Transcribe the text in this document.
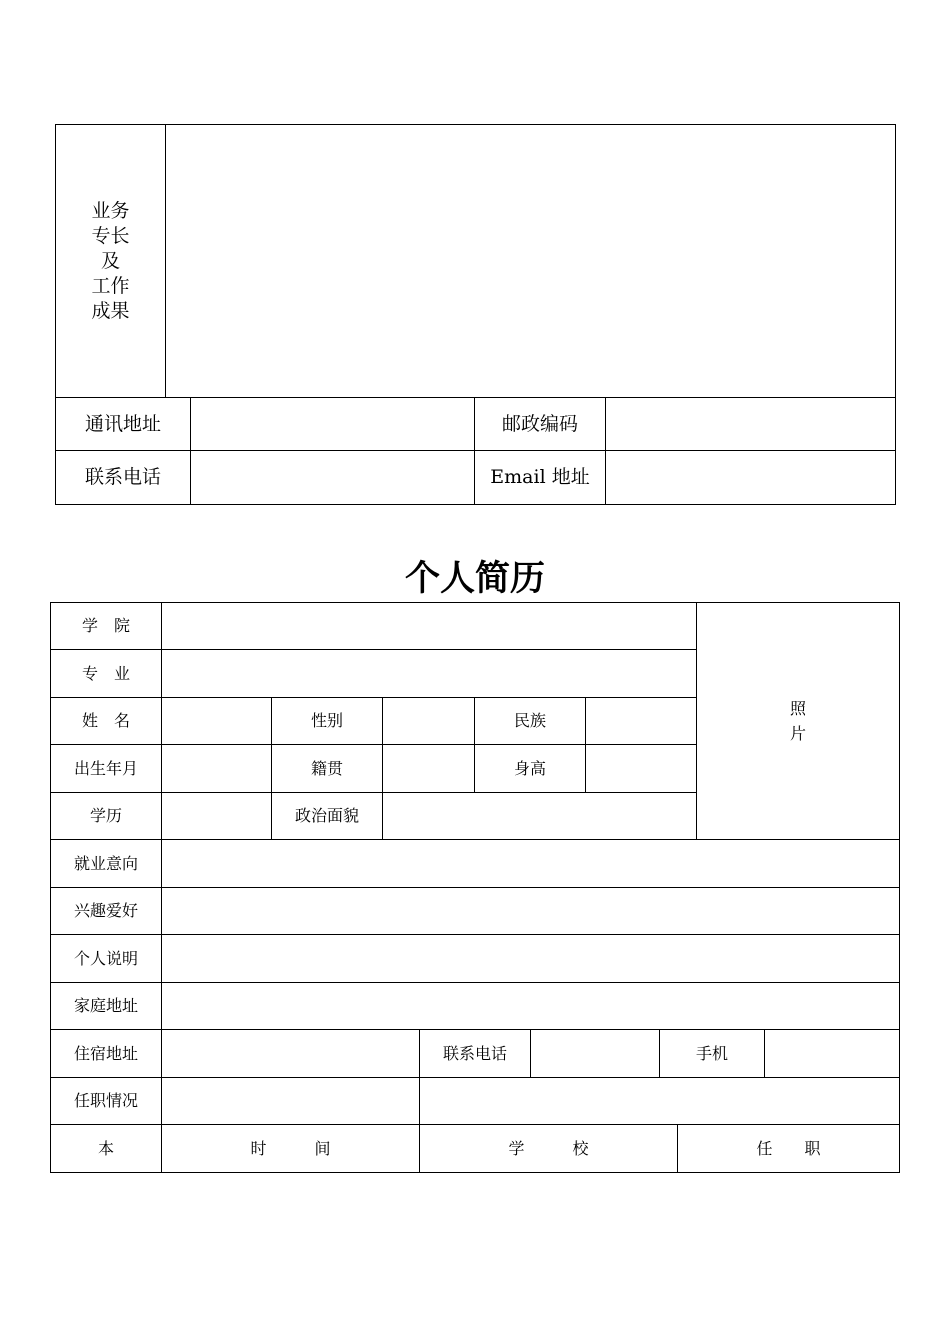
业务
专长
及
工作
成果
通讯地址	邮政编码
联系电话	Email 地址
个人简历
学　院
专　业
照
片
姓　名	性别	民族
出生年月	籍贯	身高
学历	政治面貌
就业意向
兴趣爱好
个人说明
家庭地址
住宿地址	联系电话	手机
任职情况
本	时　　　间	学　　　校	任　　职
